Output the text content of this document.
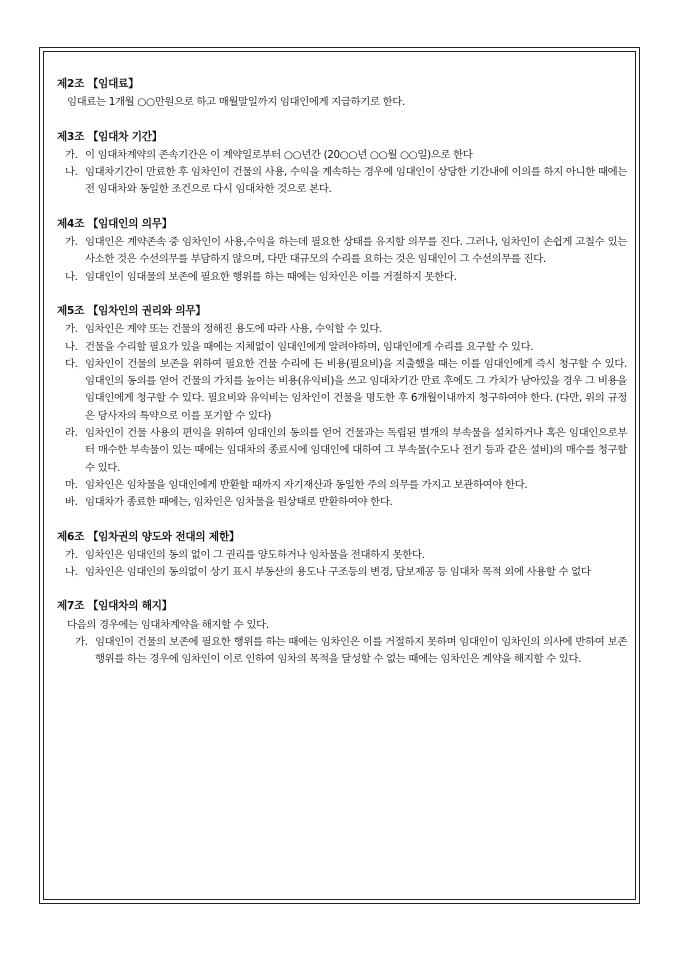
제2조 【임대료】
임대료는 1개월 ○○만원으로 하고 매월말일까지 임대인에게 지급하기로 한다.
제3조 【임대차 기간】
가. 이 임대차계약의 존속기간은 이 계약일로부터 ○○년간 (20○○년 ○○월 ○○일)으로 한다
나. 임대차기간이 만료한 후 임차인이 건물의 사용, 수익을 계속하는 경우에 임대인이 상당한 기간내에 이의를 하지 아니한 때에는 전 임대차와 동일한 조건으로 다시 임대차한 것으로 본다.
제4조 【임대인의 의무】
가. 임대인은 계약존속 중 임차인이 사용,수익을 하는데 필요한 상태를 유지할 의무를 진다. 그러나, 임차인이 손쉽게 고칠수 있는 사소한 것은 수선의무를 부담하지 않으며, 다만 대규모의 수리를 요하는 것은 임대인이 그 수선의무를 진다.
나. 임대인이 임대물의 보존에 필요한 행위를 하는 때에는 임차인은 이를 거절하지 못한다.
제5조 【임차인의 권리와 의무】
가. 임차인은 계약 또는 건물의 정해진 용도에 따라 사용, 수익할 수 있다.
나. 건물을 수리할 필요가 있을 때에는 지체없이 임대인에게 알려야하며, 임대인에게 수리를 요구할 수 있다.
다. 임차인이 건물의 보존을 위하여 필요한 건물 수리에 든 비용(필요비)을 지출했을 때는 이를 임대인에게 즉시 청구할 수 있다. 임대인의 동의를 얻어 건물의 가치를 높이는 비용(유익비)을 쓰고 임대차기간 만료 후에도 그 가치가 남아있을 경우 그 비용을 임대인에게 청구할 수 있다. 필요비와 유익비는 임차인이 건물을 명도한 후 6개월이내까지 청구하여야 한다. (다만, 위의 규정은 당사자의 특약으로 이를 포기할 수 있다)
라. 임차인이 건물 사용의 편익을 위하여 임대인의 동의를 얻어 건물과는 독립된 별개의 부속물을 설치하거나 혹은 임대인으로부터 매수한 부속물이 있는 때에는 임대차의 종료시에 임대인에 대하여 그 부속물(수도나 전기 등과 같은 설비)의 매수를 청구할 수 있다.
마. 임차인은 임차물을 임대인에게 반환할 때까지 자기재산과 동일한 주의 의무를 가지고 보관하여야 한다.
바. 임대차가 종료한 때에는, 임차인은 임차물을 원상태로 반환하여야 한다.
제6조 【임차권의 양도와 전대의 제한】
가. 임차인은 임대인의 동의 없이 그 권리를 양도하거나 임차물을 전대하지 못한다.
나. 임차인은 임대인의 동의없이 상기 표시 부동산의 용도나 구조등의 변경, 담보제공 등 임대차 목적 외에 사용할 수 없다
제7조 【임대차의 해지】
다음의 경우에는 임대차계약을 해지할 수 있다.
가. 임대인이 건물의 보존에 필요한 행위를 하는 때에는 임차인은 이를 거절하지 못하며 임대인이 임차인의 의사에 반하여 보존행위를 하는 경우에 임차인이 이로 인하여 임차의 목적을 달성할 수 없는 때에는 임차인은 계약을 해지할 수 있다.
